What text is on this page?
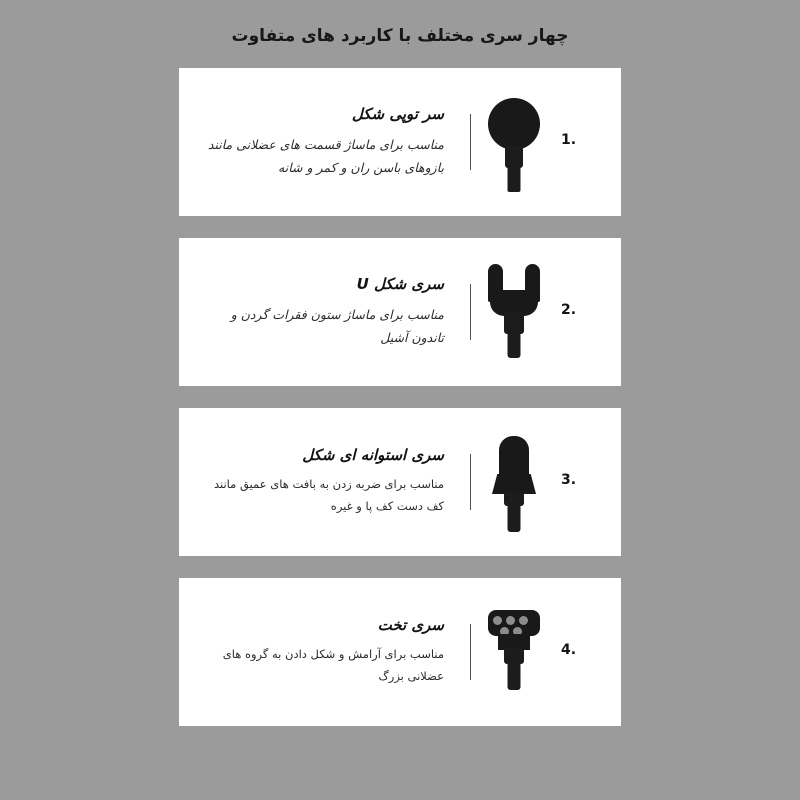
چهار سری مختلف با کاربرد های متفاوت
سر توپی شکل
مناسب برای ماساژ قسمت های عضلانی مانند بازوهای باسن ران و کمر و شانه
1.
سری شکل U
مناسب برای ماساژ ستون فقرات گردن و تاندون آشیل
2.
سری استوانه ای شکل
مناسب برای ضربه زدن به بافت های عمیق مانند کف دست کف پا و غیره
3.
سری تخت
مناسب برای آرامش و شکل دادن به گروه های عضلانی بزرگ
4.
